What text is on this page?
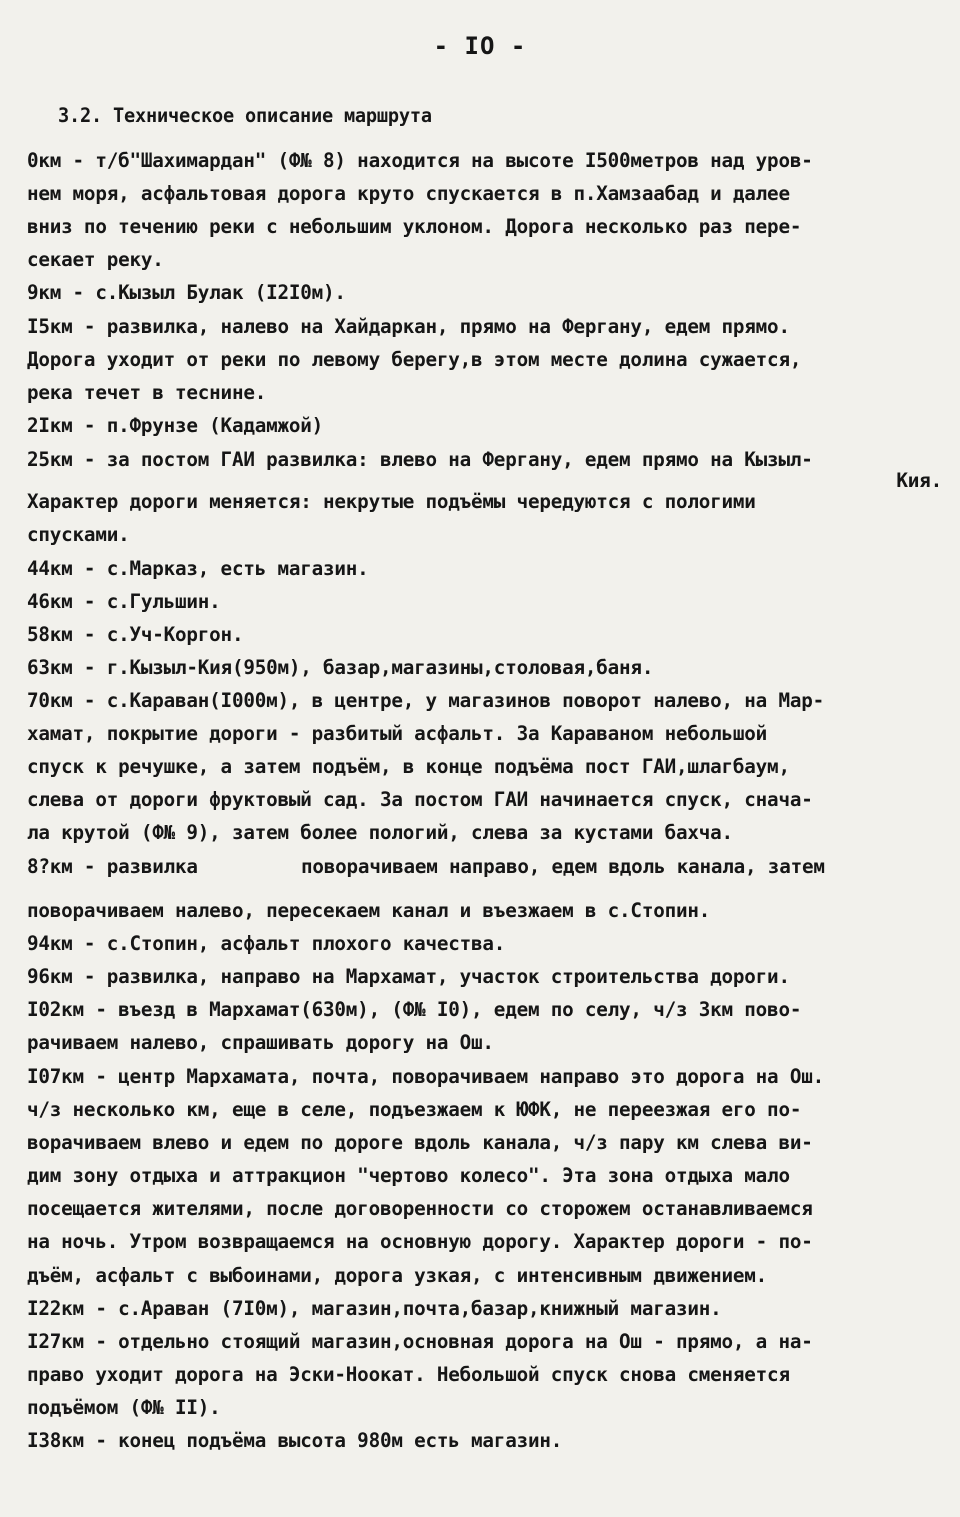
- IO -
3.2. Техническое описание маршрута
0км - т/б"Шахимардан" (Ф№ 8) находится на высоте I500метров над уров-
нем моря, асфальтовая дорога круто спускается в п.Хамзаабад и далее
вниз по течению реки с небольшим уклоном. Дорога несколько раз пере-
секает реку.
9км - с.Кызыл Булак (I2I0м).
I5км - развилка, налево на Хайдаркан, прямо на Фергану, едем прямо.
Дорога уходит от реки по левому берегу,в этом месте долина сужается,
река течет в теснине.
2Iкм - п.Фрунзе (Кадамжой)
25км - за постом ГАИ развилка: влево на Фергану, едем прямо на Кызыл-
Кия.
Характер дороги меняется: некрутые подъёмы чередуются с пологими
спусками.
44км - с.Марказ, есть магазин.
46км - с.Гульшин.
58км - с.Уч-Коргон.
63км - г.Кызыл-Кия(950м), базар,магазины,столовая,баня.
70км - с.Караван(I000м), в центре, у магазинов поворот налево, на Мар-
хамат, покрытие дороги - разбитый асфальт. За Караваном небольшой
спуск к речушке, а затем подъём, в конце подъёма пост ГАИ,шлагбаум,
слева от дороги фруктовый сад. За постом ГАИ начинается спуск, снача-
ла крутой (Ф№ 9), затем более пологий, слева за кустами бахча.
8?км - развилка	поворачиваем направо, едем вдоль канала, затем
поворачиваем налево, пересекаем канал и въезжаем в с.Стопин.
94км - с.Стопин, асфальт плохого качества.
96км - развилка, направо на Мархамат, участок строительства дороги.
I02км - въезд в Мархамат(630м), (Ф№ I0), едем по селу, ч/з 3км пово-
рачиваем налево, спрашивать дорогу на Ош.
I07км - центр Мархамата, почта, поворачиваем направо это дорога на Ош.
ч/з несколько км, еще в селе, подъезжаем к ЮФК, не переезжая его по-
ворачиваем влево и едем по дороге вдоль канала, ч/з пару км слева ви-
дим зону отдыха и аттракцион "чертово колесо". Эта зона отдыха мало
посещается жителями, после договоренности со сторожем останавливаемся
на ночь. Утром возвращаемся на основную дорогу. Характер дороги - по-
дъём, асфальт с выбоинами, дорога узкая, с интенсивным движением.
I22км - с.Араван (7I0м), магазин,почта,базар,книжный магазин.
I27км - отдельно стоящий магазин,основная дорога на Ош - прямо, а на-
право уходит дорога на Эски-Ноокат. Небольшой спуск снова сменяется
подъёмом (Ф№ II).
I38км - конец подъёма высота 980м есть магазин.
